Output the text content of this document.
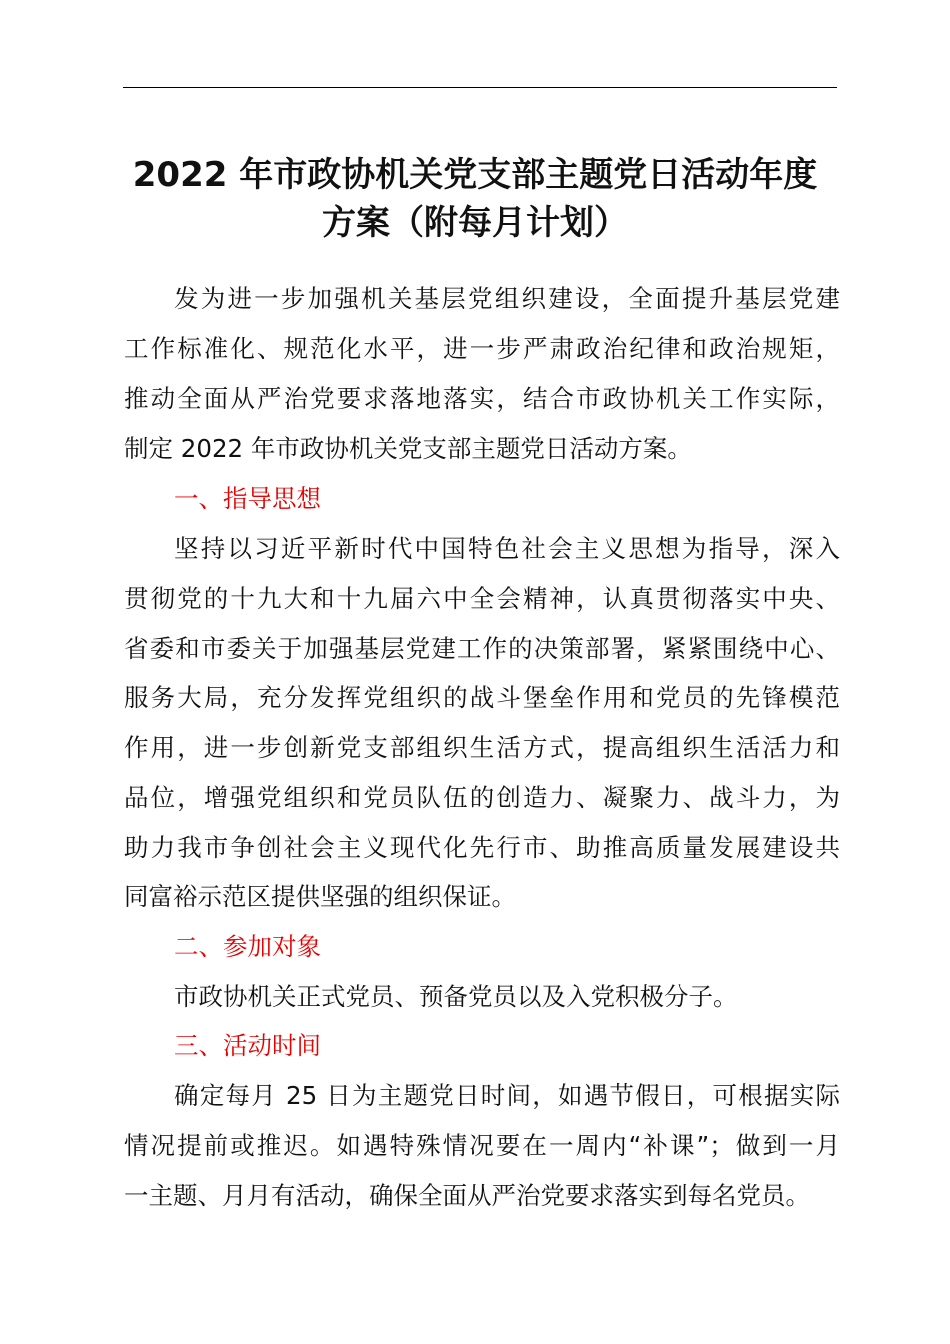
2022 年市政协机关党支部主题党日活动年度
方案（附每月计划）
发为进一步加强机关基层党组织建设，全面提升基层党建
工作标准化、规范化水平，进一步严肃政治纪律和政治规矩，
推动全面从严治党要求落地落实，结合市政协机关工作实际，
制定 2022 年市政协机关党支部主题党日活动方案。
一、指导思想
坚持以习近平新时代中国特色社会主义思想为指导，深入
贯彻党的十九大和十九届六中全会精神，认真贯彻落实中央、
省委和市委关于加强基层党建工作的决策部署，紧紧围绕中心、
服务大局，充分发挥党组织的战斗堡垒作用和党员的先锋模范
作用，进一步创新党支部组织生活方式，提高组织生活活力和
品位，增强党组织和党员队伍的创造力、凝聚力、战斗力，为
助力我市争创社会主义现代化先行市、助推高质量发展建设共
同富裕示范区提供坚强的组织保证。
二、参加对象
市政协机关正式党员、预备党员以及入党积极分子。
三、活动时间
确定每月 25 日为主题党日时间，如遇节假日，可根据实际
情况提前或推迟。如遇特殊情况要在一周内“补课”；做到一月
一主题、月月有活动，确保全面从严治党要求落实到每名党员。
